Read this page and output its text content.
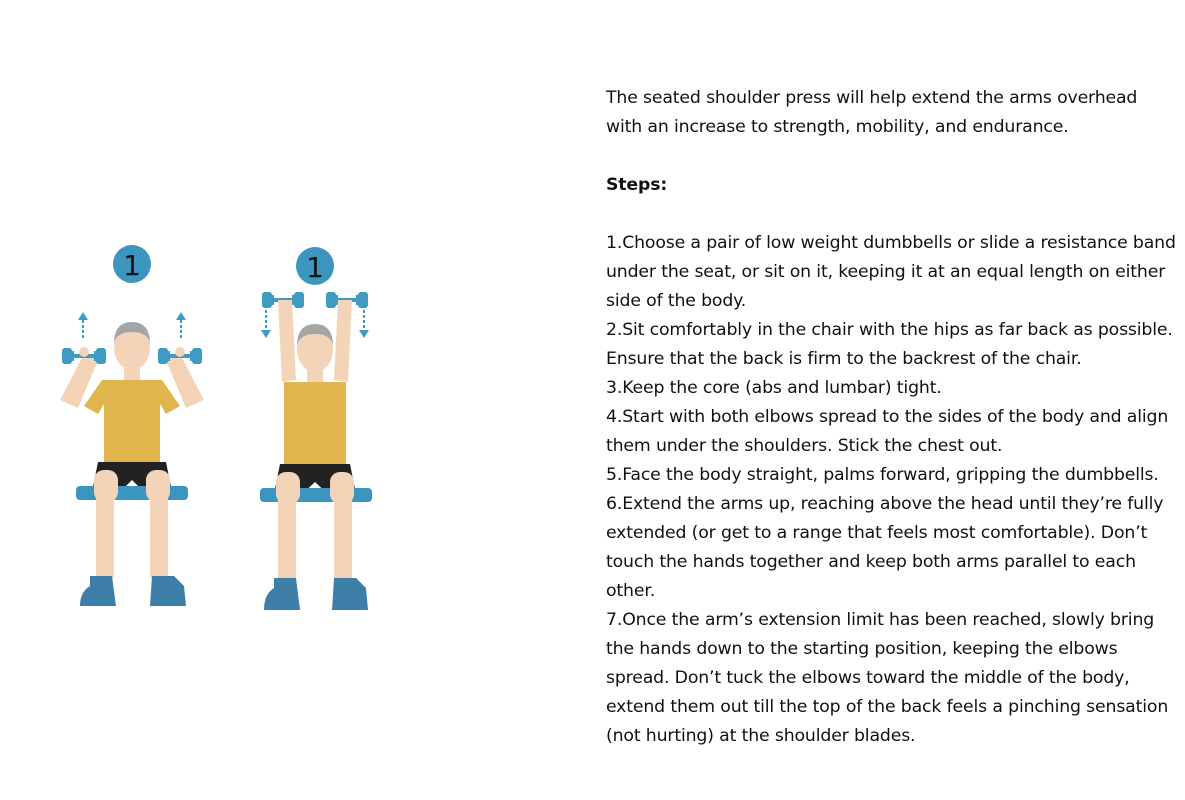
1	1

The seated shoulder press will help extend the arms overhead with an increase to strength, mobility, and endurance.

Steps:

1.Choose a pair of low weight dumbbells or slide a resistance band under the seat, or sit on it, keeping it at an equal length on either side of the body.

2.Sit comfortably in the chair with the hips as far back as possible. Ensure that the back is firm to the backrest of the chair.

3.Keep the core (abs and lumbar) tight.

4.Start with both elbows spread to the sides of the body and align them under the shoulders. Stick the chest out.

5.Face the body straight, palms forward, gripping the dumbbells.

6.Extend the arms up, reaching above the head until they’re fully extended (or get to a range that feels most comfortable). Don’t touch the hands together and keep both arms parallel to each other.

7.Once the arm’s extension limit has been reached, slowly bring the hands down to the starting position, keeping the elbows spread. Don’t tuck the elbows toward the middle of the body, extend them out till the top of the back feels a pinching sensation (not hurting) at the shoulder blades.
